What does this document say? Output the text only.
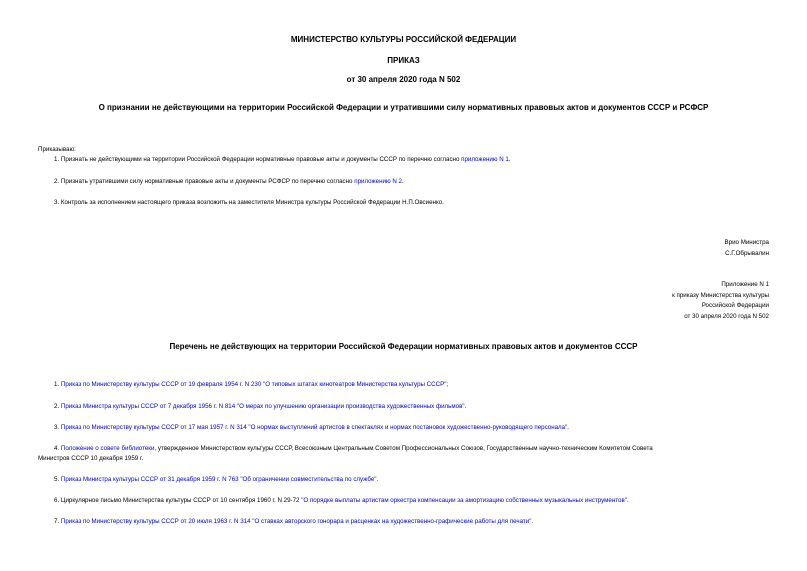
МИНИСТЕРСТВО КУЛЬТУРЫ РОССИЙСКОЙ ФЕДЕРАЦИИ
ПРИКАЗ
от 30 апреля 2020 года N 502
О признании не действующими на территории Российской Федерации и утратившими силу нормативных правовых актов и документов СССР и РСФСР
Приказываю:
1. Признать не действующими на территории Российской Федерации нормативные правовые акты и документы СССР по перечню согласно приложению N 1.
2. Признать утратившими силу нормативные правовые акты и документы РСФСР по перечню согласно приложению N 2.
3. Контроль за исполнением настоящего приказа возложить на заместителя Министра культуры Российской Федерации Н.П.Овсиенко.
Врио Министра
С.Г.Обрывалин
Приложение N 1
к приказу Министерства культуры
Российской Федерации
от 30 апреля 2020 года N 502
Перечень не действующих на территории Российской Федерации нормативных правовых актов и документов СССР
1. Приказ по Министерству культуры СССР от 19 февраля 1954 г. N 230 "О типовых штатах кинотеатров Министерства культуры СССР";
2. Приказ Министра культуры СССР от 7 декабря 1956 г. N 814 "О мерах по улучшению организации производства художественных фильмов".
3. Приказ по Министерству культуры СССР от 17 мая 1957 г. N 314 "О нормах выступлений артистов в спектаклях и нормах постановок художественно-руководящего персонала".
4. Положение о совете библиотеки, утвержденное Министерством культуры СССР, Всесоюзным Центральным Советом Профессиональных Союзов, Государственным научно-техническим Комитетом Совета
Министров СССР 10 декабря 1959 г.
5. Приказ Министра культуры СССР от 31 декабря 1959 г. N 763 "Об ограничении совместительства по службе".
6. Циркулярное письмо Министерства культуры СССР от 10 сентября 1960 г. N 29-72 "О порядке выплаты артистам оркестра компенсации за амортизацию собственных музыкальных инструментов".
7. Приказ по Министерству культуры СССР от 20 июля 1963 г. N 314 "О ставках авторского гонорара и расценках на художественно-графические работы для печати".
